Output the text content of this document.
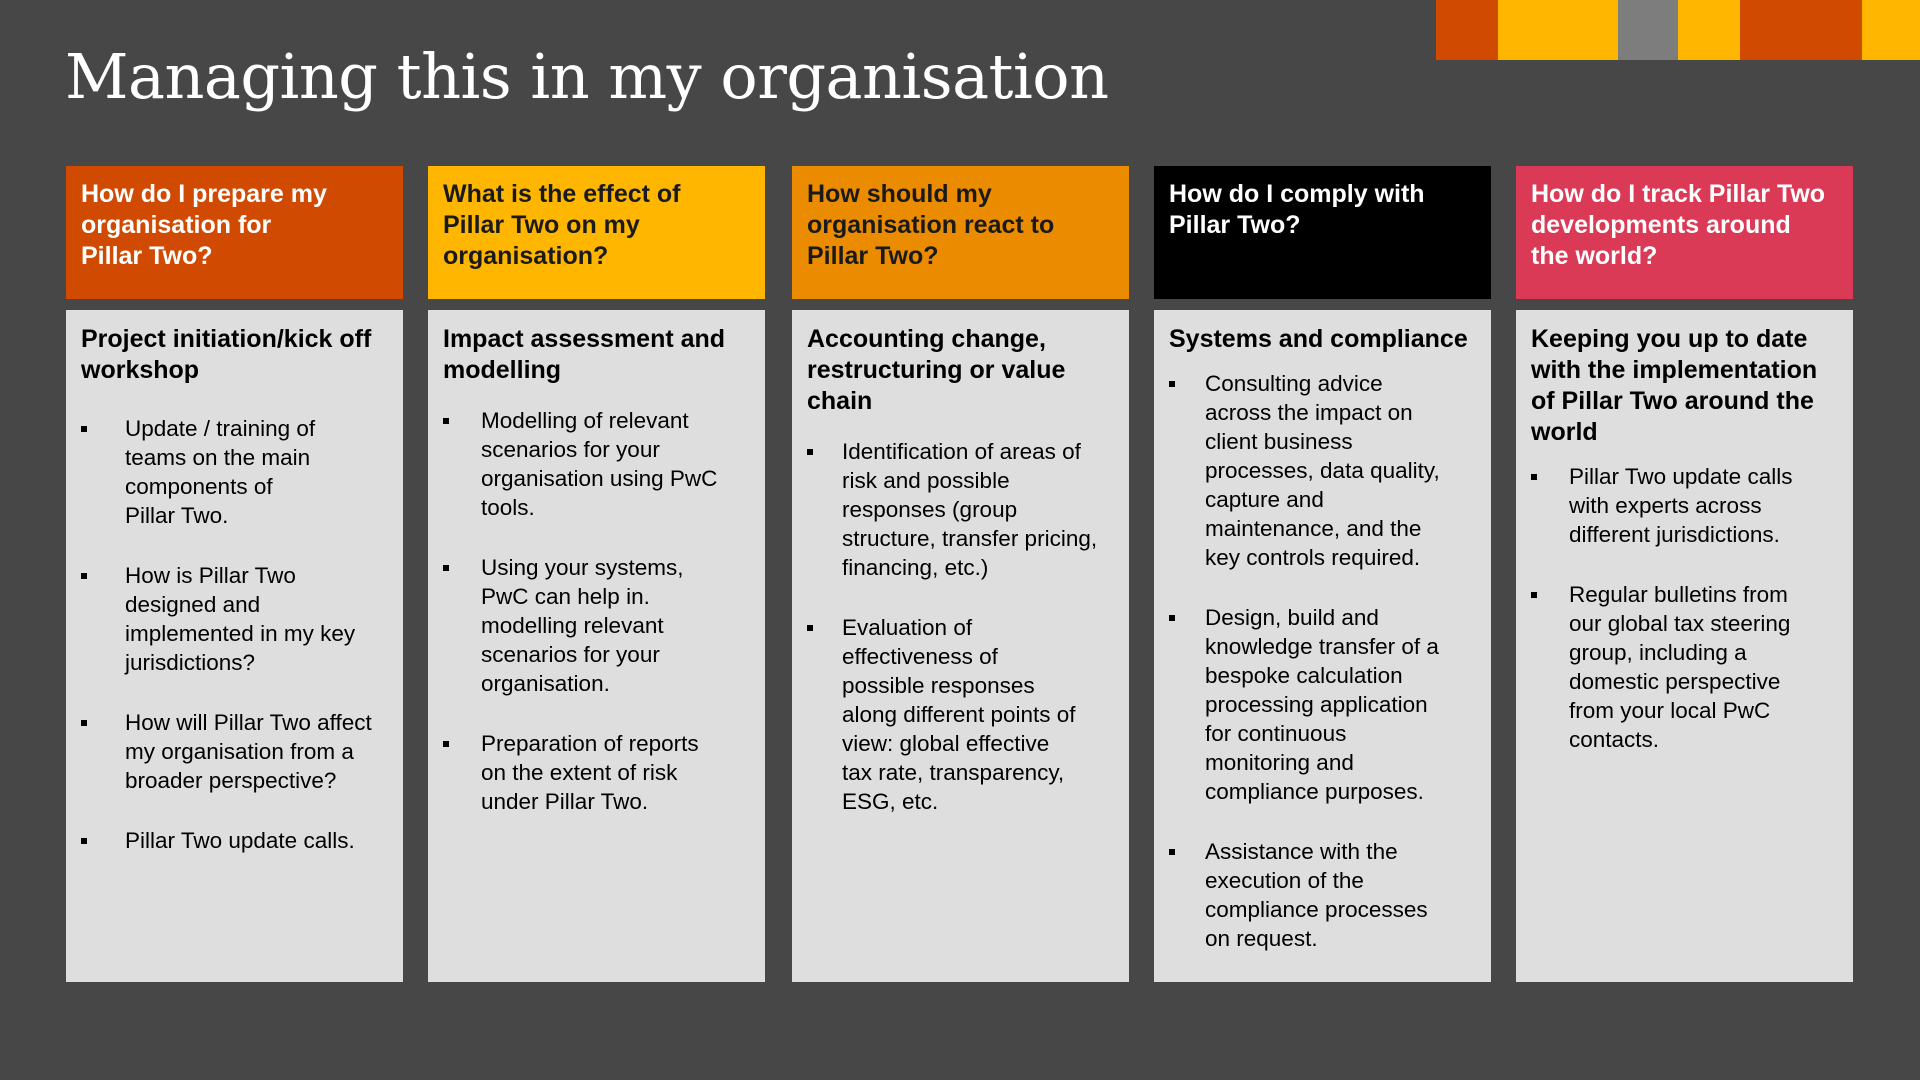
Managing this in my organisation
How do I prepare my
organisation for
Pillar Two?
Project initiation/kick off workshop
Update / training of
teams on the main
components of
Pillar Two.
How is Pillar Two
designed and
implemented in my key
jurisdictions?
How will Pillar Two affect
my organisation from a
broader perspective?
Pillar Two update calls.
What is the effect of
Pillar Two on my
organisation?
Impact assessment and modelling
Modelling of relevant
scenarios for your
organisation using PwC
tools.
Using your systems,
PwC can help in.
modelling relevant
scenarios for your
organisation.
Preparation of reports
on the extent of risk
under Pillar Two.
How should my
organisation react to
Pillar Two?
Accounting change, restructuring or value chain
Identification of areas of
risk and possible
responses (group
structure, transfer pricing,
financing, etc.)
Evaluation of
effectiveness of
possible responses
along different points of
view: global effective
tax rate, transparency,
ESG, etc.
How do I comply with
Pillar Two?
Systems and compliance
Consulting advice
across the impact on
client business
processes, data quality,
capture and
maintenance, and the
key controls required.
Design, build and
knowledge transfer of a
bespoke calculation
processing application
for continuous
monitoring and
compliance purposes.
Assistance with the
execution of the
compliance processes
on request.
How do I track Pillar Two
developments around
the world?
Keeping you up to date with the implementation of Pillar Two around the world
Pillar Two update calls
with experts across
different jurisdictions.
Regular bulletins from
our global tax steering
group, including a
domestic perspective
from your local PwC
contacts.
